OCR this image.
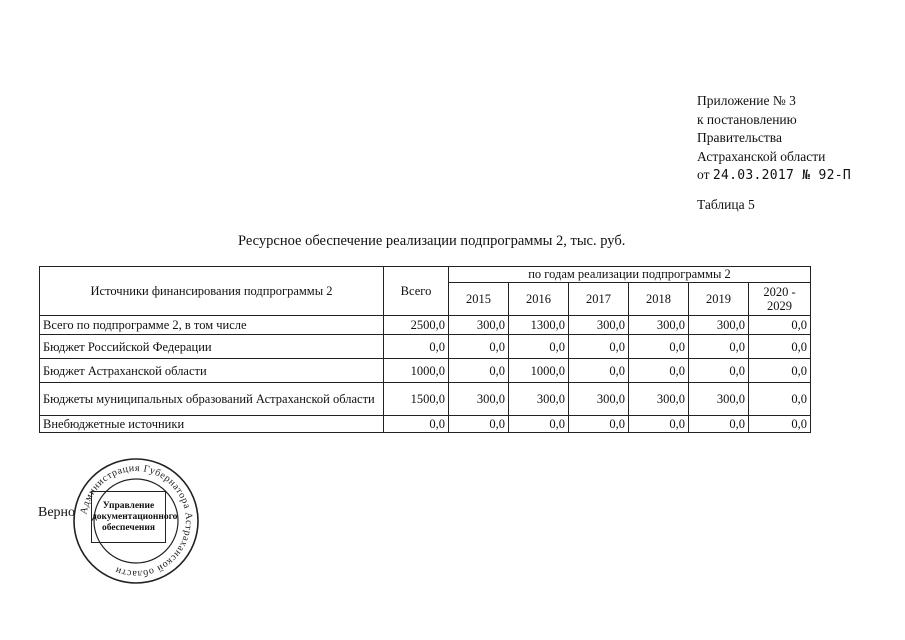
Приложение № 3
к постановлению
Правительства
Астраханской области
от 24.03.2017 № 92-П
Таблица 5
Ресурсное обеспечение реализации подпрограммы 2, тыс. руб.
Источники финансирования подпрограммы 2	Всего	по годам реализации подпрограммы 2					
		2015	2016	2017	2018	2019	2020 - 2029
Всего по подпрограмме 2, в том числе	2500,0	300,0	1300,0	300,0	300,0	300,0	0,0
Бюджет Российской Федерации	0,0	0,0	0,0	0,0	0,0	0,0	0,0
Бюджет Астраханской области	1000,0	0,0	1000,0	0,0	0,0	0,0	0,0
Бюджеты муниципальных образований Астраханской области	1500,0	300,0	300,0	300,0	300,0	300,0	0,0
Внебюджетные источники	0,0	0,0	0,0	0,0	0,0	0,0	0,0
Верно Администрация Губернатора Астраханской области
Управление
документационного
обеспечения
